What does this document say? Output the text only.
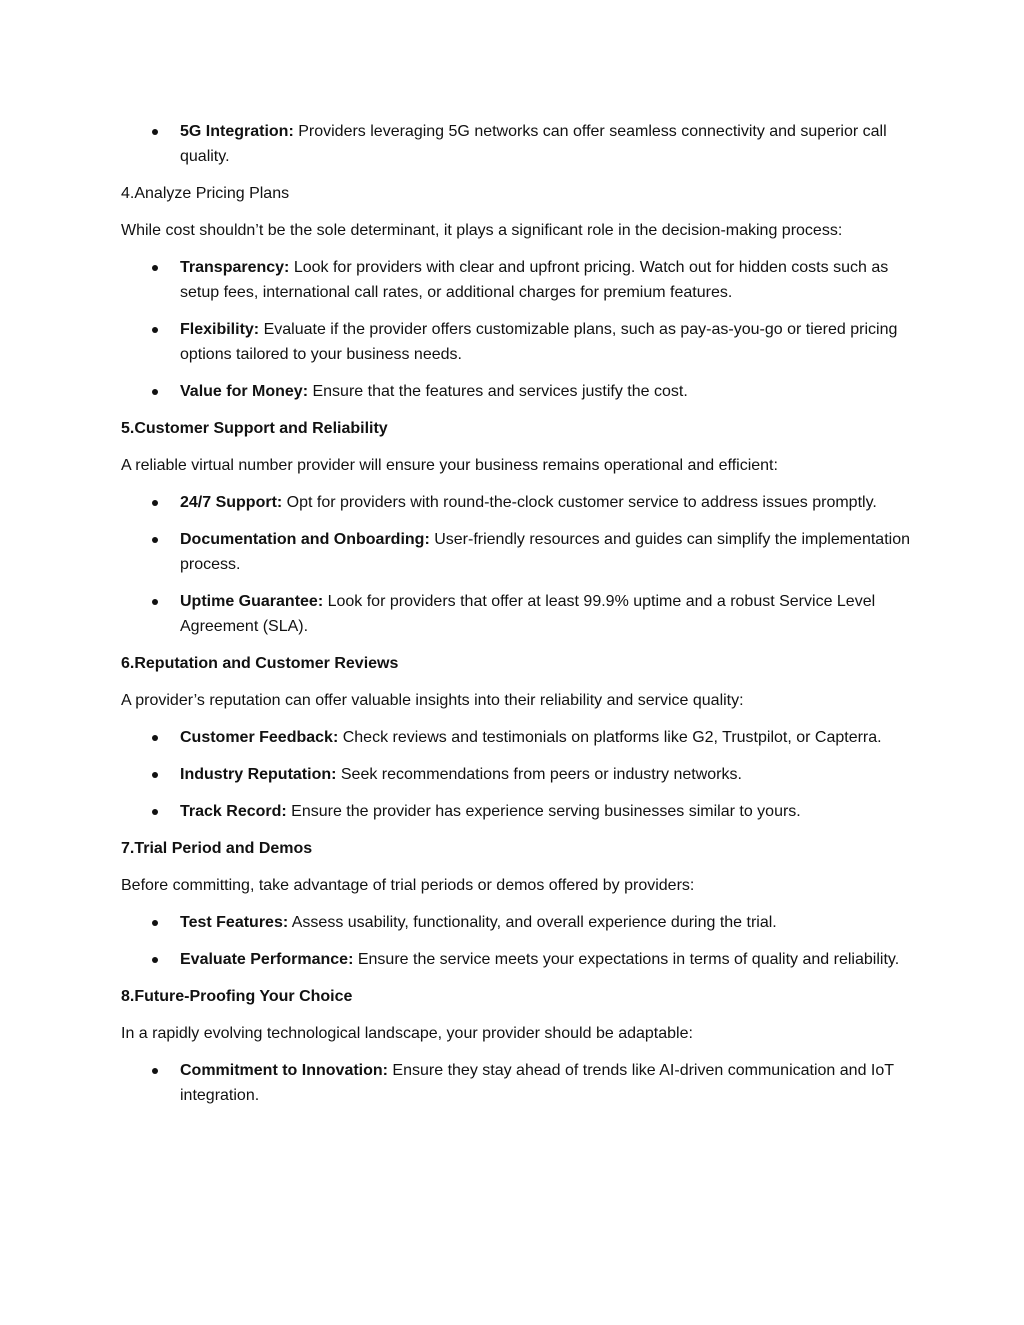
5G Integration: Providers leveraging 5G networks can offer seamless connectivity and superior call quality.

4.Analyze Pricing Plans

While cost shouldn’t be the sole determinant, it plays a significant role in the decision-making process:

Transparency: Look for providers with clear and upfront pricing. Watch out for hidden costs such as setup fees, international call rates, or additional charges for premium features.
Flexibility: Evaluate if the provider offers customizable plans, such as pay-as-you-go or tiered pricing options tailored to your business needs.
Value for Money: Ensure that the features and services justify the cost.

5.Customer Support and Reliability

A reliable virtual number provider will ensure your business remains operational and efficient:

24/7 Support: Opt for providers with round-the-clock customer service to address issues promptly.
Documentation and Onboarding: User-friendly resources and guides can simplify the implementation process.
Uptime Guarantee: Look for providers that offer at least 99.9% uptime and a robust Service Level Agreement (SLA).

6.Reputation and Customer Reviews

A provider’s reputation can offer valuable insights into their reliability and service quality:

Customer Feedback: Check reviews and testimonials on platforms like G2, Trustpilot, or Capterra.
Industry Reputation: Seek recommendations from peers or industry networks.
Track Record: Ensure the provider has experience serving businesses similar to yours.

7.Trial Period and Demos

Before committing, take advantage of trial periods or demos offered by providers:

Test Features: Assess usability, functionality, and overall experience during the trial.
Evaluate Performance: Ensure the service meets your expectations in terms of quality and reliability.

8.Future-Proofing Your Choice

In a rapidly evolving technological landscape, your provider should be adaptable:

Commitment to Innovation: Ensure they stay ahead of trends like AI-driven communication and IoT integration.
